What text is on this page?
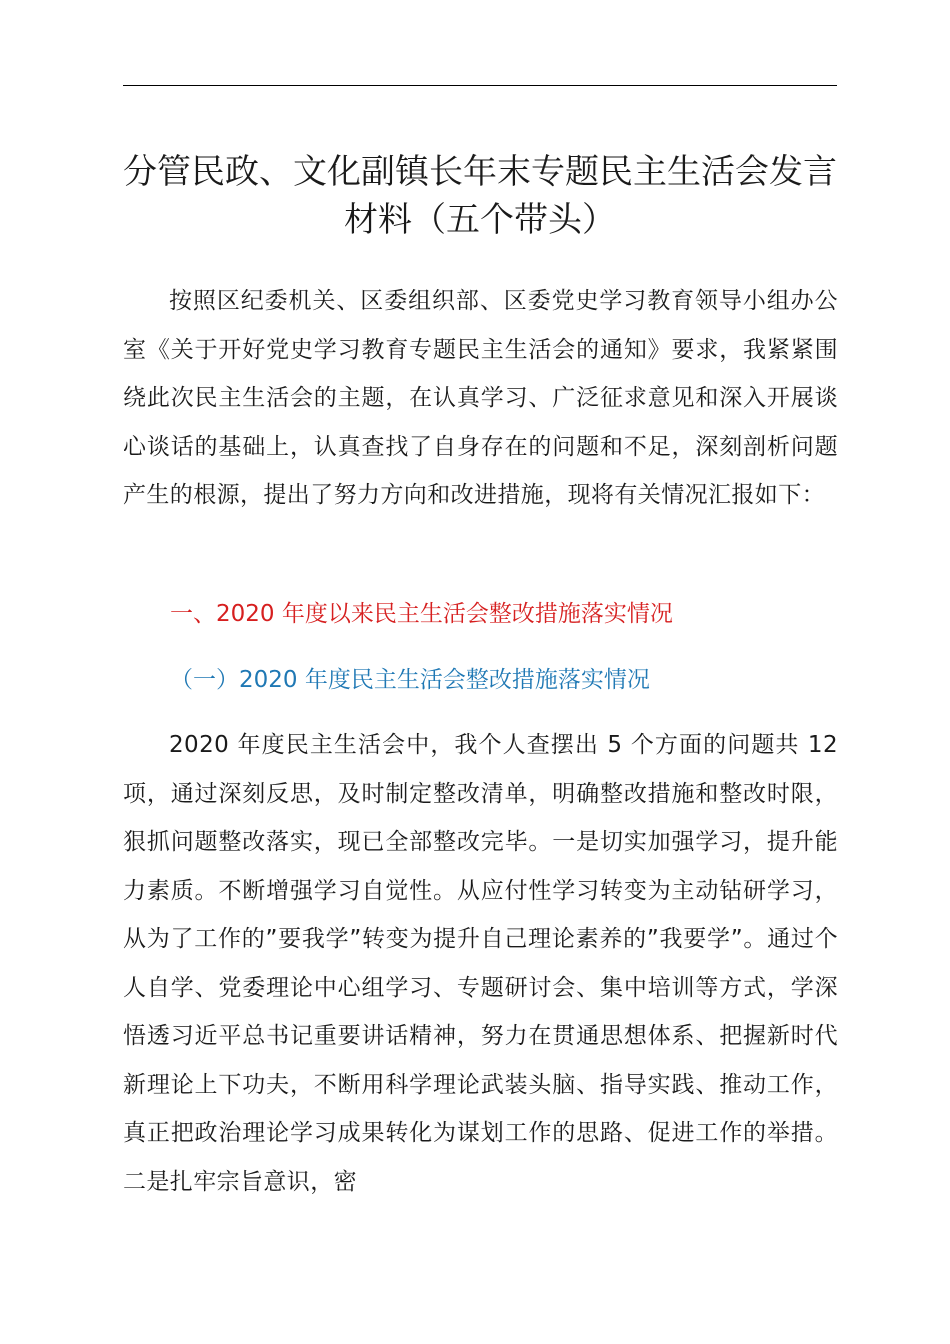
分管民政、文化副镇长年末专题民主生活会发言材料（五个带头）

按照区纪委机关、区委组织部、区委党史学习教育领导小组办公室《关于开好党史学习教育专题民主生活会的通知》要求，我紧紧围绕此次民主生活会的主题，在认真学习、广泛征求意见和深入开展谈心谈话的基础上，认真查找了自身存在的问题和不足，深刻剖析问题产生的根源，提出了努力方向和改进措施，现将有关情况汇报如下：

一、2020 年度以来民主生活会整改措施落实情况
（一）2020 年度民主生活会整改措施落实情况

2020 年度民主生活会中，我个人查摆出 5 个方面的问题共 12 项，通过深刻反思，及时制定整改清单，明确整改措施和整改时限，狠抓问题整改落实，现已全部整改完毕。一是切实加强学习，提升能力素质。不断增强学习自觉性。从应付性学习转变为主动钻研学习，从为了工作的”要我学”转变为提升自己理论素养的”我要学”。通过个人自学、党委理论中心组学习、专题研讨会、集中培训等方式，学深悟透习近平总书记重要讲话精神，努力在贯通思想体系、把握新时代新理论上下功夫，不断用科学理论武装头脑、指导实践、推动工作，真正把政治理论学习成果转化为谋划工作的思路、促进工作的举措。二是扎牢宗旨意识，密
